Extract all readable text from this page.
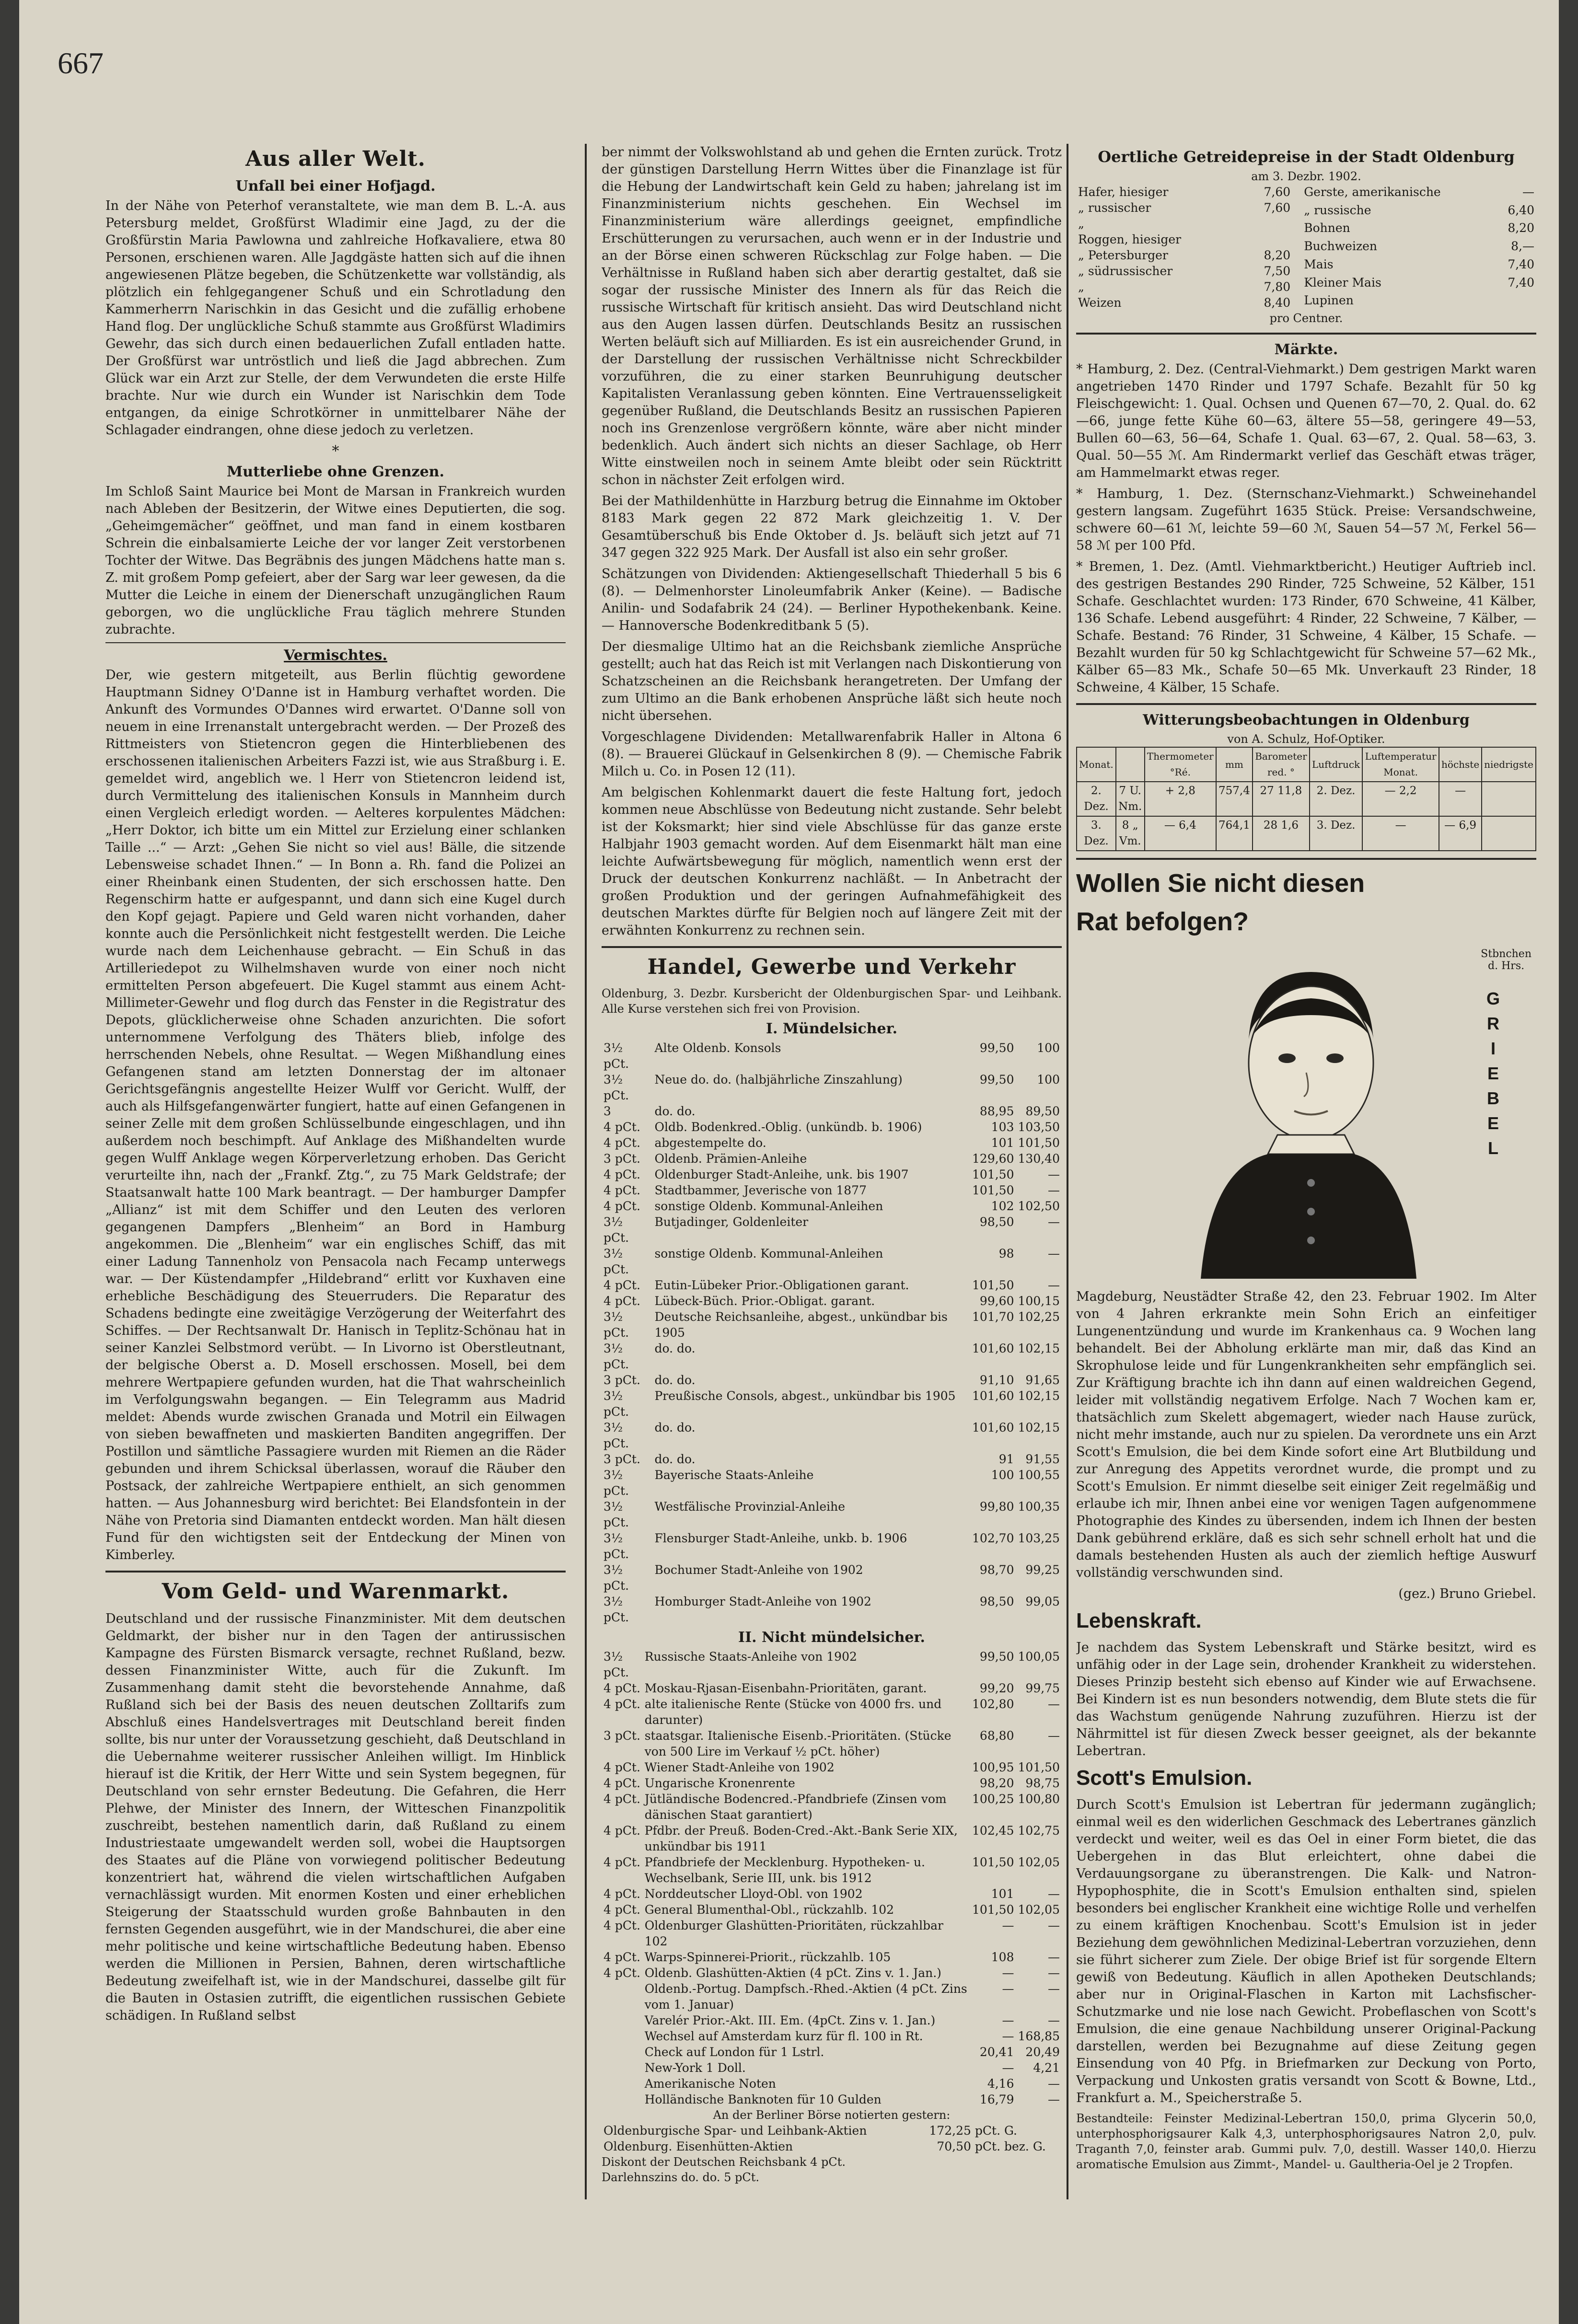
667
Aus aller Welt.
Unfall bei einer Hofjagd.

In der Nähe von Peterhof veranstaltete, wie man dem B. L.-A. aus Petersburg meldet, Großfürst Wladimir eine Jagd, zu der die Großfürstin Maria Pawlowna und zahlreiche Hofkavaliere, etwa 80 Personen, erschienen waren. Alle Jagdgäste hatten sich auf die ihnen angewiesenen Plätze begeben, die Schützenkette war vollständig, als plötzlich ein fehlgegangener Schuß und ein Schrotladung den Kammerherrn Narischkin in das Gesicht und die zufällig erhobene Hand flog. Der unglückliche Schuß stammte aus Großfürst Wladimirs Gewehr, das sich durch einen bedauerlichen Zufall entladen hatte. Der Großfürst war untröstlich und ließ die Jagd abbrechen. Zum Glück war ein Arzt zur Stelle, der dem Verwundeten die erste Hilfe brachte. Nur wie durch ein Wunder ist Narischkin dem Tode entgangen, da einige Schrotkörner in unmittelbarer Nähe der Schlagader eindrangen, ohne diese jedoch zu verletzen.

*
Mutterliebe ohne Grenzen.

Im Schloß Saint Maurice bei Mont de Marsan in Frankreich wurden nach Ableben der Besitzerin, der Witwe eines Deputierten, die sog. „Geheimgemächer“ geöffnet, und man fand in einem kostbaren Schrein die einbalsamierte Leiche der vor langer Zeit verstorbenen Tochter der Witwe. Das Begräbnis des jungen Mädchens hatte man s. Z. mit großem Pomp gefeiert, aber der Sarg war leer gewesen, da die Mutter die Leiche in einem der Dienerschaft unzugänglichen Raum geborgen, wo die unglückliche Frau täglich mehrere Stunden zubrachte.

Vermischtes.

Der, wie gestern mitgeteilt, aus Berlin flüchtig gewordene Hauptmann Sidney O'Danne ist in Hamburg verhaftet worden. Die Ankunft des Vormundes O'Dannes wird erwartet. O'Danne soll von neuem in eine Irrenanstalt untergebracht werden. — Der Prozeß des Rittmeisters von Stietencron gegen die Hinterbliebenen des erschossenen italienischen Arbeiters Fazzi ist, wie aus Straßburg i. E. gemeldet wird, angeblich we. l Herr von Stietencron leidend ist, durch Vermittelung des italienischen Konsuls in Mannheim durch einen Vergleich erledigt worden. — Aelteres korpulentes Mädchen: „Herr Doktor, ich bitte um ein Mittel zur Erzielung einer schlanken Taille ...“ — Arzt: „Gehen Sie nicht so viel aus! Bälle, die sitzende Lebensweise schadet Ihnen.“ — In Bonn a. Rh. fand die Polizei an einer Rheinbank einen Studenten, der sich erschossen hatte. Den Regenschirm hatte er aufgespannt, und dann sich eine Kugel durch den Kopf gejagt. Papiere und Geld waren nicht vorhanden, daher konnte auch die Persönlichkeit nicht festgestellt werden. Die Leiche wurde nach dem Leichenhause gebracht. — Ein Schuß in das Artilleriedepot zu Wilhelmshaven wurde von einer noch nicht ermittelten Person abgefeuert. Die Kugel stammt aus einem Acht-Millimeter-Gewehr und flog durch das Fenster in die Registratur des Depots, glücklicherweise ohne Schaden anzurichten. Die sofort unternommene Verfolgung des Thäters blieb, infolge des herrschenden Nebels, ohne Resultat. — Wegen Mißhandlung eines Gefangenen stand am letzten Donnerstag der im altonaer Gerichtsgefängnis angestellte Heizer Wulff vor Gericht. Wulff, der auch als Hilfsgefangenwärter fungiert, hatte auf einen Gefangenen in seiner Zelle mit dem großen Schlüsselbunde eingeschlagen, und ihn außerdem noch beschimpft. Auf Anklage des Mißhandelten wurde gegen Wulff Anklage wegen Körperverletzung erhoben. Das Gericht verurteilte ihn, nach der „Frankf. Ztg.“, zu 75 Mark Geldstrafe; der Staatsanwalt hatte 100 Mark beantragt. — Der hamburger Dampfer „Allianz“ ist mit dem Schiffer und den Leuten des verloren gegangenen Dampfers „Blenheim“ an Bord in Hamburg angekommen. Die „Blenheim“ war ein englisches Schiff, das mit einer Ladung Tannenholz von Pensacola nach Fecamp unterwegs war. — Der Küstendampfer „Hildebrand“ erlitt vor Kuxhaven eine erhebliche Beschädigung des Steuerruders. Die Reparatur des Schadens bedingte eine zweitägige Verzögerung der Weiterfahrt des Schiffes. — Der Rechtsanwalt Dr. Hanisch in Teplitz-Schönau hat in seiner Kanzlei Selbstmord verübt. — In Livorno ist Oberstleutnant, der belgische Oberst a. D. Mosell erschossen. Mosell, bei dem mehrere Wertpapiere gefunden wurden, hat die That wahrscheinlich im Verfolgungswahn begangen. — Ein Telegramm aus Madrid meldet: Abends wurde zwischen Granada und Motril ein Eilwagen von sieben bewaffneten und maskierten Banditen angegriffen. Der Postillon und sämtliche Passagiere wurden mit Riemen an die Räder gebunden und ihrem Schicksal überlassen, worauf die Räuber den Postsack, der zahlreiche Wertpapiere enthielt, an sich genommen hatten. — Aus Johannesburg wird berichtet: Bei Elandsfontein in der Nähe von Pretoria sind Diamanten entdeckt worden. Man hält diesen Fund für den wichtigsten seit der Entdeckung der Minen von Kimberley.

Vom Geld- und Warenmarkt.

Deutschland und der russische Finanzminister. Mit dem deutschen Geldmarkt, der bisher nur in den Tagen der antirussischen Kampagne des Fürsten Bismarck versagte, rechnet Rußland, bezw. dessen Finanzminister Witte, auch für die Zukunft. Im Zusammenhang damit steht die bevorstehende Annahme, daß Rußland sich bei der Basis des neuen deutschen Zolltarifs zum Abschluß eines Handelsvertrages mit Deutschland bereit finden sollte, bis nur unter der Voraussetzung geschieht, daß Deutschland in die Uebernahme weiterer russischer Anleihen willigt. Im Hinblick hierauf ist die Kritik, der Herr Witte und sein System begegnen, für Deutschland von sehr ernster Bedeutung. Die Gefahren, die Herr Plehwe, der Minister des Innern, der Witteschen Finanzpolitik zuschreibt, bestehen namentlich darin, daß Rußland zu einem Industriestaate umgewandelt werden soll, wobei die Hauptsorgen des Staates auf die Pläne von vorwiegend politischer Bedeutung konzentriert hat, während die vielen wirtschaftlichen Aufgaben vernachlässigt wurden. Mit enormen Kosten und einer erheblichen Steigerung der Staatsschuld wurden große Bahnbauten in den fernsten Gegenden ausgeführt, wie in der Mandschurei, die aber eine mehr politische und keine wirtschaftliche Bedeutung haben. Ebenso werden die Millionen in Persien, Bahnen, deren wirtschaftliche Bedeutung zweifelhaft ist, wie in der Mandschurei, dasselbe gilt für die Bauten in Ostasien zutrifft, die eigentlichen russischen Gebiete schädigen. In Rußland selbst

ber nimmt der Volkswohlstand ab und gehen die Ernten zurück. Trotz der günstigen Darstellung Herrn Wittes über die Finanzlage ist für die Hebung der Landwirtschaft kein Geld zu haben; jahrelang ist im Finanzministerium nichts geschehen. Ein Wechsel im Finanzministerium wäre allerdings geeignet, empfindliche Erschütterungen zu verursachen, auch wenn er in der Industrie und an der Börse einen schweren Rückschlag zur Folge haben. — Die Verhältnisse in Rußland haben sich aber derartig gestaltet, daß sie sogar der russische Minister des Innern als für das Reich die russische Wirtschaft für kritisch ansieht. Das wird Deutschland nicht aus den Augen lassen dürfen. Deutschlands Besitz an russischen Werten beläuft sich auf Milliarden. Es ist ein ausreichender Grund, in der Darstellung der russischen Verhältnisse nicht Schreckbilder vorzuführen, die zu einer starken Beunruhigung deutscher Kapitalisten Veranlassung geben könnten. Eine Vertrauensseligkeit gegenüber Rußland, die Deutschlands Besitz an russischen Papieren noch ins Grenzenlose vergrößern könnte, wäre aber nicht minder bedenklich. Auch ändert sich nichts an dieser Sachlage, ob Herr Witte einstweilen noch in seinem Amte bleibt oder sein Rücktritt schon in nächster Zeit erfolgen wird.

Bei der Mathildenhütte in Harzburg betrug die Einnahme im Oktober 8183 Mark gegen 22 872 Mark gleichzeitig 1. V. Der Gesamtüberschuß bis Ende Oktober d. Js. beläuft sich jetzt auf 71 347 gegen 322 925 Mark. Der Ausfall ist also ein sehr großer.

Schätzungen von Dividenden: Aktiengesellschaft Thiederhall 5 bis 6 (8). — Delmenhorster Linoleumfabrik Anker (Keine). — Badische Anilin- und Sodafabrik 24 (24). — Berliner Hypothekenbank. Keine. — Hannoversche Bodenkreditbank 5 (5).

Der diesmalige Ultimo hat an die Reichsbank ziemliche Ansprüche gestellt; auch hat das Reich ist mit Verlangen nach Diskontierung von Schatzscheinen an die Reichsbank herangetreten. Der Umfang der zum Ultimo an die Bank erhobenen Ansprüche läßt sich heute noch nicht übersehen.

Vorgeschlagene Dividenden: Metallwarenfabrik Haller in Altona 6 (8). — Brauerei Glückauf in Gelsenkirchen 8 (9). — Chemische Fabrik Milch u. Co. in Posen 12 (11).

Am belgischen Kohlenmarkt dauert die feste Haltung fort, jedoch kommen neue Abschlüsse von Bedeutung nicht zustande. Sehr belebt ist der Koksmarkt; hier sind viele Abschlüsse für das ganze erste Halbjahr 1903 gemacht worden. Auf dem Eisenmarkt hält man eine leichte Aufwärtsbewegung für möglich, namentlich wenn erst der Druck der deutschen Konkurrenz nachläßt. — In Anbetracht der großen Produktion und der geringen Aufnahmefähigkeit des deutschen Marktes dürfte für Belgien noch auf längere Zeit mit der erwähnten Konkurrenz zu rechnen sein.

Handel, Gewerbe und Verkehr

Oldenburg, 3. Dezbr. Kursbericht der Oldenburgischen Spar- und Leihbank. Alle Kurse verstehen sich frei von Provision.

I. Mündelsicher.
3½ pCt.	Alte Oldenb. Konsols	99,50	100
3½ pCt.	Neue do. do. (halbjährliche Zinszahlung)	99,50	100
3	do. do.	88,95	89,50
4 pCt.	Oldb. Bodenkred.-Oblig. (unkündb. b. 1906)	103	103,50
4 pCt.	abgestempelte do.	101	101,50
3 pCt.	Oldenb. Prämien-Anleihe	129,60	130,40
4 pCt.	Oldenburger Stadt-Anleihe, unk. bis 1907	101,50	—
4 pCt.	Stadtbammer, Jeverische von 1877	101,50	—
4 pCt.	sonstige Oldenb. Kommunal-Anleihen	102	102,50
3½ pCt.	Butjadinger, Goldenleiter	98,50	—
3½ pCt.	sonstige Oldenb. Kommunal-Anleihen	98	—
4 pCt.	Eutin-Lübeker Prior.-Obligationen garant.	101,50	—
4 pCt.	Lübeck-Büch. Prior.-Obligat. garant.	99,60	100,15
3½ pCt.	Deutsche Reichsanleihe, abgest., unkündbar bis 1905	101,70	102,25
3½ pCt.	do. do.	101,60	102,15
3 pCt.	do. do.	91,10	91,65
3½ pCt.	Preußische Consols, abgest., unkündbar bis 1905	101,60	102,15
3½ pCt.	do. do.	101,60	102,15
3 pCt.	do. do.	91	91,55
3½ pCt.	Bayerische Staats-Anleihe	100	100,55
3½ pCt.	Westfälische Provinzial-Anleihe	99,80	100,35
3½ pCt.	Flensburger Stadt-Anleihe, unkb. b. 1906	102,70	103,25
3½ pCt.	Bochumer Stadt-Anleihe von 1902	98,70	99,25
3½ pCt.	Homburger Stadt-Anleihe von 1902	98,50	99,05
II. Nicht mündelsicher.
3½ pCt.	Russische Staats-Anleihe von 1902	99,50	100,05
4 pCt.	Moskau-Rjasan-Eisenbahn-Prioritäten, garant.	99,20	99,75
4 pCt.	alte italienische Rente (Stücke von 4000 frs. und darunter)	102,80	—
3 pCt.	staatsgar. Italienische Eisenb.-Prioritäten. (Stücke von 500 Lire im Verkauf ½ pCt. höher)	68,80	—
4 pCt.	Wiener Stadt-Anleihe von 1902	100,95	101,50
4 pCt.	Ungarische Kronenrente	98,20	98,75
4 pCt.	Jütländische Bodencred.-Pfandbriefe (Zinsen vom dänischen Staat garantiert)	100,25	100,80
4 pCt.	Pfdbr. der Preuß. Boden-Cred.-Akt.-Bank Serie XIX, unkündbar bis 1911	102,45	102,75
4 pCt.	Pfandbriefe der Mecklenburg. Hypotheken- u. Wechselbank, Serie III, unk. bis 1912	101,50	102,05
4 pCt.	Norddeutscher Lloyd-Obl. von 1902	101	—
4 pCt.	General Blumenthal-Obl., rückzahlb. 102	101,50	102,05
4 pCt.	Oldenburger Glashütten-Prioritäten, rückzahlbar 102	—	—
4 pCt.	Warps-Spinnerei-Priorit., rückzahlb. 105	108	—
4 pCt.	Oldenb. Glashütten-Aktien (4 pCt. Zins v. 1. Jan.)	—	—
	Oldenb.-Portug. Dampfsch.-Rhed.-Aktien (4 pCt. Zins vom 1. Januar)	—	—
	Varelér Prior.-Akt. III. Em. (4pCt. Zins v. 1. Jan.)	—	—
	Wechsel auf Amsterdam kurz für fl. 100 in Rt.	—	168,85
	Check auf London für 1 Lstrl.	20,41	20,49
	New-York 1 Doll.	—	4,21
	Amerikanische Noten	4,16	—
	Holländische Banknoten für 10 Gulden	16,79	—
An der Berliner Börse notierten gestern:
Oldenburgische Spar- und Leihbank-Aktien	172,25	pCt. G.
Oldenburg. Eisenhütten-Aktien	70,50	pCt. bez. G.
Diskont der Deutschen Reichsbank 4 pCt.
Darlehnszins do. do. 5 pCt.
Oertliche Getreidepreise in der Stadt Oldenburg
am 3. Dezbr. 1902.
Hafer, hiesiger	7,60
„ russischer	7,60
„	
Roggen, hiesiger	
„ Petersburger	8,20
„ südrussischer	7,50
„	7,80
Weizen	8,40
Gerste, amerikanische	—
„ russische	6,40
Bohnen	8,20
Buchweizen	8,—
Mais	7,40
Kleiner Mais	7,40
Lupinen	
pro Centner.
Märkte.

* Hamburg, 2. Dez. (Central-Viehmarkt.) Dem gestrigen Markt waren angetrieben 1470 Rinder und 1797 Schafe. Bezahlt für 50 kg Fleischgewicht: 1. Qual. Ochsen und Quenen 67—70, 2. Qual. do. 62—66, junge fette Kühe 60—63, ältere 55—58, geringere 49—53, Bullen 60—63, 56—64, Schafe 1. Qual. 63—67, 2. Qual. 58—63, 3. Qual. 50—55 ℳ. Am Rindermarkt verlief das Geschäft etwas träger, am Hammelmarkt etwas reger.

* Hamburg, 1. Dez. (Sternschanz-Viehmarkt.) Schweinehandel gestern langsam. Zugeführt 1635 Stück. Preise: Versandschweine, schwere 60—61 ℳ, leichte 59—60 ℳ, Sauen 54—57 ℳ, Ferkel 56—58 ℳ per 100 Pfd.

* Bremen, 1. Dez. (Amtl. Viehmarktbericht.) Heutiger Auftrieb incl. des gestrigen Bestandes 290 Rinder, 725 Schweine, 52 Kälber, 151 Schafe. Geschlachtet wurden: 173 Rinder, 670 Schweine, 41 Kälber, 136 Schafe. Lebend ausgeführt: 4 Rinder, 22 Schweine, 7 Kälber, — Schafe. Bestand: 76 Rinder, 31 Schweine, 4 Kälber, 15 Schafe. — Bezahlt wurden für 50 kg Schlachtgewicht für Schweine 57—62 Mk., Kälber 65—83 Mk., Schafe 50—65 Mk. Unverkauft 23 Rinder, 18 Schweine, 4 Kälber, 15 Schafe.

Witterungsbeobachtungen in Oldenburg
von A. Schulz, Hof-Optiker.
Monat.		Thermometer °Ré.	mm	Barometer red. °	Luftdruck	Luftemperatur Monat.	höchste	niedrigste
2. Dez.	7 U. Nm.	+ 2,8	757,4	27 11,8	2. Dez.	— 2,2	—	
3. Dez.	8 „ Vm.	— 6,4	764,1	28 1,6	3. Dez.	—	— 6,9	
Wollen Sie nicht diesen
Rat befolgen?
Stbnchen
d. Hrs.
G
R
I
E
B
E
L

Magdeburg, Neustädter Straße 42, den 23. Februar 1902. Im Alter von 4 Jahren erkrankte mein Sohn Erich an einfeitiger Lungenentzündung und wurde im Krankenhaus ca. 9 Wochen lang behandelt. Bei der Abholung erklärte man mir, daß das Kind an Skrophulose leide und für Lungenkrankheiten sehr empfänglich sei. Zur Kräftigung brachte ich ihn dann auf einen waldreichen Gegend, leider mit vollständig negativem Erfolge. Nach 7 Wochen kam er, thatsächlich zum Skelett abgemagert, wieder nach Hause zurück, nicht mehr imstande, auch nur zu spielen. Da verordnete uns ein Arzt Scott's Emulsion, die bei dem Kinde sofort eine Art Blutbildung und zur Anregung des Appetits verordnet wurde, die prompt und zu Scott's Emulsion. Er nimmt dieselbe seit einiger Zeit regelmäßig und erlaube ich mir, Ihnen anbei eine vor wenigen Tagen aufgenommene Photographie des Kindes zu übersenden, indem ich Ihnen der besten Dank gebührend erkläre, daß es sich sehr schnell erholt hat und die damals bestehenden Husten als auch der ziemlich heftige Auswurf vollständig verschwunden sind.

(gez.) Bruno Griebel.

Lebenskraft.

Je nachdem das System Lebenskraft und Stärke besitzt, wird es unfähig oder in der Lage sein, drohender Krankheit zu widerstehen. Dieses Prinzip besteht sich ebenso auf Kinder wie auf Erwachsene. Bei Kindern ist es nun besonders notwendig, dem Blute stets die für das Wachstum genügende Nahrung zuzuführen. Hierzu ist der Nährmittel ist für diesen Zweck besser geeignet, als der bekannte Lebertran.

Scott's Emulsion.

Durch Scott's Emulsion ist Lebertran für jedermann zugänglich; einmal weil es den widerlichen Geschmack des Lebertranes gänzlich verdeckt und weiter, weil es das Oel in einer Form bietet, die das Uebergehen in das Blut erleichtert, ohne dabei die Verdauungsorgane zu überanstrengen. Die Kalk- und Natron-Hypophosphite, die in Scott's Emulsion enthalten sind, spielen besonders bei englischer Krankheit eine wichtige Rolle und verhelfen zu einem kräftigen Knochenbau. Scott's Emulsion ist in jeder Beziehung dem gewöhnlichen Medizinal-Lebertran vorzuziehen, denn sie führt sicherer zum Ziele. Der obige Brief ist für sorgende Eltern gewiß von Bedeutung. Käuflich in allen Apotheken Deutschlands; aber nur in Original-Flaschen in Karton mit Lachsfischer-Schutzmarke und nie lose nach Gewicht. Probeflaschen von Scott's Emulsion, die eine genaue Nachbildung unserer Original-Packung darstellen, werden bei Bezugnahme auf diese Zeitung gegen Einsendung von 40 Pfg. in Briefmarken zur Deckung von Porto, Verpackung und Unkosten gratis versandt von Scott & Bowne, Ltd., Frankfurt a. M., Speicherstraße 5.

Bestandteile: Feinster Medizinal-Lebertran 150,0, prima Glycerin 50,0, unterphosphorigsaurer Kalk 4,3, unterphosphorigsaures Natron 2,0, pulv. Traganth 7,0, feinster arab. Gummi pulv. 7,0, destill. Wasser 140,0. Hierzu aromatische Emulsion aus Zimmt-, Mandel- u. Gaultheria-Oel je 2 Tropfen.
